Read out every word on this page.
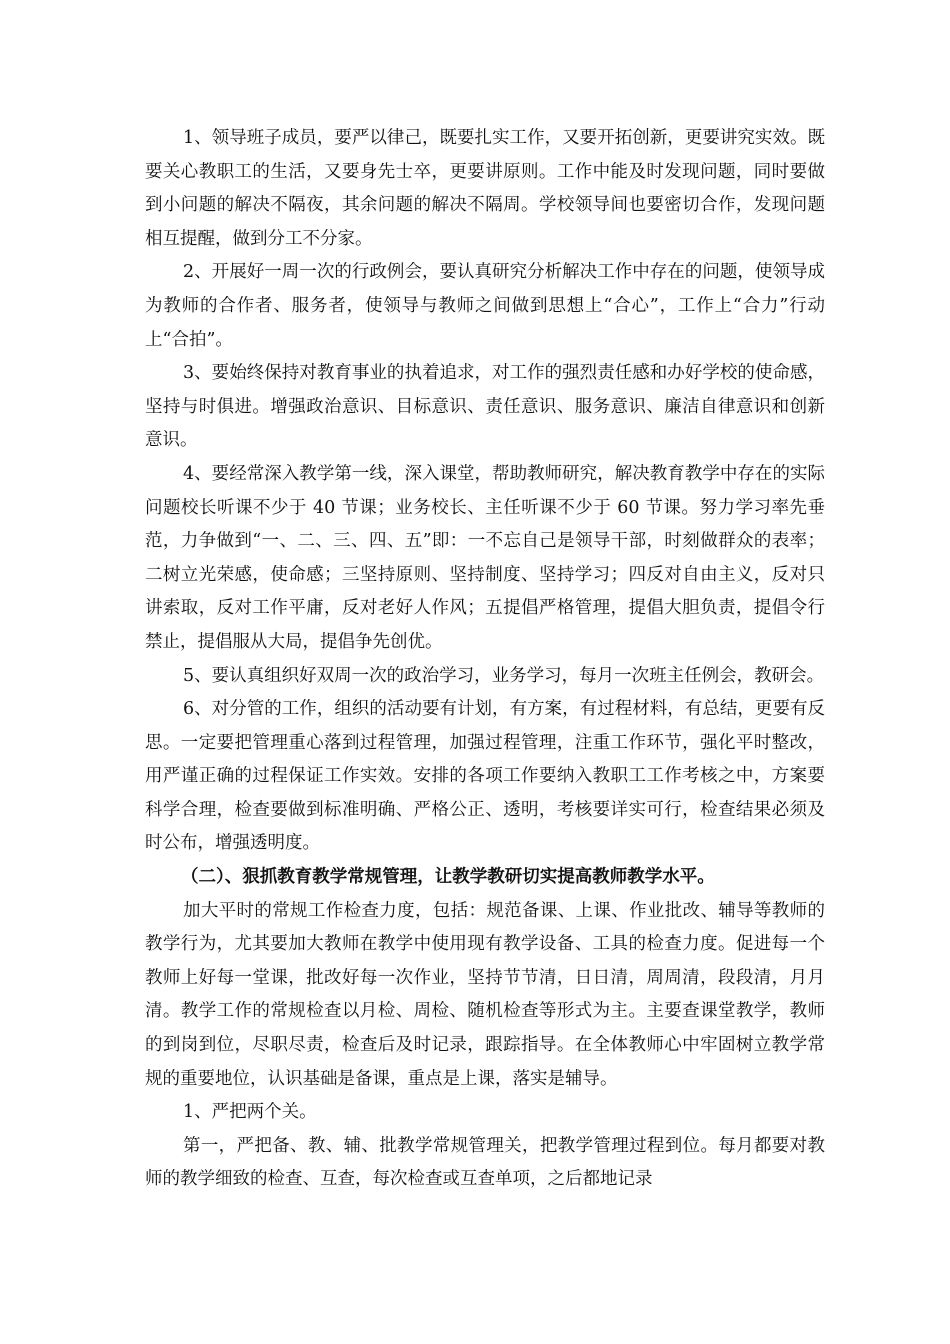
1、领导班子成员，要严以律己，既要扎实工作，又要开拓创新，更要讲究实效。既要关心教职工的生活，又要身先士卒，更要讲原则。工作中能及时发现问题，同时要做到小问题的解决不隔夜，其余问题的解决不隔周。学校领导间也要密切合作，发现问题相互提醒，做到分工不分家。

2、开展好一周一次的行政例会，要认真研究分析解决工作中存在的问题，使领导成为教师的合作者、服务者，使领导与教师之间做到思想上“合心”，工作上“合力”行动上“合拍”。

3、要始终保持对教育事业的执着追求，对工作的强烈责任感和办好学校的使命感，坚持与时俱进。增强政治意识、目标意识、责任意识、服务意识、廉洁自律意识和创新意识。

4、要经常深入教学第一线，深入课堂，帮助教师研究，解决教育教学中存在的实际问题校长听课不少于 40 节课；业务校长、主任听课不少于 60 节课。努力学习率先垂范，力争做到“一、二、三、四、五”即：一不忘自己是领导干部，时刻做群众的表率；二树立光荣感，使命感；三坚持原则、坚持制度、坚持学习；四反对自由主义，反对只讲索取，反对工作平庸，反对老好人作风；五提倡严格管理，提倡大胆负责，提倡令行禁止，提倡服从大局，提倡争先创优。

5、要认真组织好双周一次的政治学习，业务学习，每月一次班主任例会，教研会。

6、对分管的工作，组织的活动要有计划，有方案，有过程材料，有总结，更要有反思。一定要把管理重心落到过程管理，加强过程管理，注重工作环节，强化平时整改，用严谨正确的过程保证工作实效。安排的各项工作要纳入教职工工作考核之中，方案要科学合理，检查要做到标准明确、严格公正、透明，考核要详实可行，检查结果必须及时公布，增强透明度。

（二）、狠抓教育教学常规管理，让教学教研切实提高教师教学水平。

加大平时的常规工作检查力度，包括：规范备课、上课、作业批改、辅导等教师的教学行为，尤其要加大教师在教学中使用现有教学设备、工具的检查力度。促进每一个教师上好每一堂课，批改好每一次作业，坚持节节清，日日清，周周清，段段清，月月清。教学工作的常规检查以月检、周检、随机检查等形式为主。主要查课堂教学，教师的到岗到位，尽职尽责，检查后及时记录，跟踪指导。在全体教师心中牢固树立教学常规的重要地位，认识基础是备课，重点是上课，落实是辅导。

1、严把两个关。

第一，严把备、教、辅、批教学常规管理关，把教学管理过程到位。每月都要对教师的教学细致的检查、互查，每次检查或互查单项，之后都地记录
